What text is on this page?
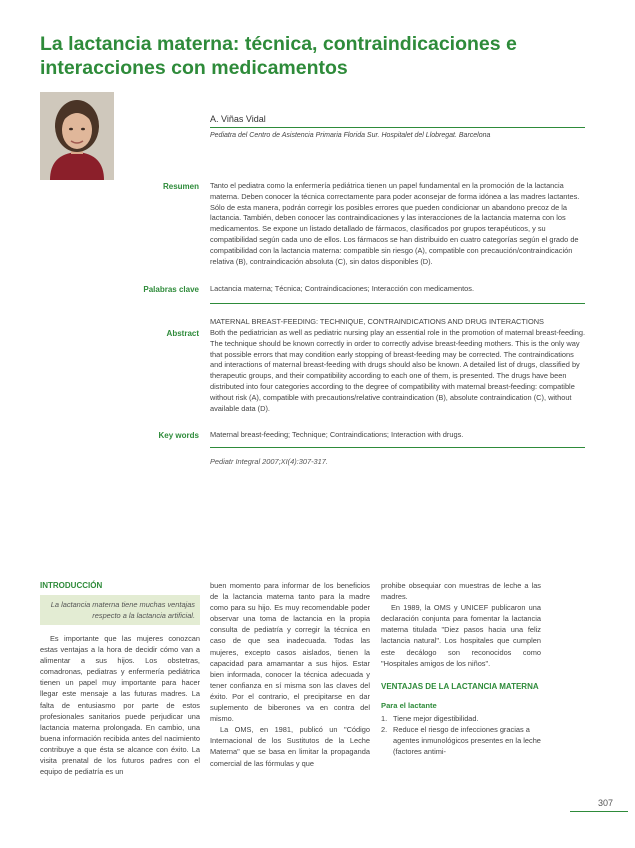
La lactancia materna: técnica, contraindicaciones e interacciones con medicamentos
A. Viñas Vidal
Pediatra del Centro de Asistencia Primaria Florida Sur. Hospitalet del Llobregat. Barcelona
Resumen Tanto el pediatra como la enfermería pediátrica tienen un papel fundamental en la promoción de la lactancia materna. Deben conocer la técnica correctamente para poder aconsejar de forma idónea a las madres lactantes. Sólo de esta manera, podrán corregir los posibles errores que pueden condicionar un abandono precoz de la lactancia. También, deben conocer las contraindicaciones y las interacciones de la lactancia materna con los medicamentos. Se expone un listado detallado de fármacos, clasificados por grupos terapéuticos, y su compatibilidad según cada uno de ellos. Los fármacos se han distribuido en cuatro categorías según el grado de compatibilidad con la lactancia materna: compatible sin riesgo (A), compatible con precaución/contraindicación relativa (B), contraindicación absoluta (C), sin datos disponibles (D).

Palabras clave Lactancia materna; Técnica; Contraindicaciones; Interacción con medicamentos.

MATERNAL BREAST-FEEDING: TECHNIQUE, CONTRAINDICATIONS AND DRUG INTERACTIONS

Abstract Both the pediatrician as well as pediatric nursing play an essential role in the promotion of maternal breast-feeding. The technique should be known correctly in order to correctly advise breast-feeding mothers. This is the only way that possible errors that may condition early stopping of breast-feeding may be corrected. The contraindications and interactions of maternal breast-feeding with drugs should also be known. A detailed list of drugs, classified by therapeutic groups, and their compatibility according to each one of them, is presented. The drugs have been distributed into four categories according to the degree of compatibility with maternal breast-feeding: compatible without risk (A), compatible with precautions/relative contraindication (B), absolute contraindication (C), without available data (D).

Key words Maternal breast-feeding; Technique; Contraindications; Interaction with drugs.

Pediatr Integral 2007;XI(4):307-317.
INTRODUCCIÓN
La lactancia materna tiene muchas ventajas respecto a la lactancia artificial.

Es importante que las mujeres conozcan estas ventajas a la hora de decidir cómo van a alimentar a sus hijos. Los obstetras, comadronas, pediatras y enfermería pediátrica tienen un papel muy importante para hacer llegar este mensaje a las futuras madres. La falta de entusiasmo por parte de estos profesionales sanitarios puede perjudicar una lactancia materna prolongada. En cambio, una buena información recibida antes del nacimiento contribuye a que ésta se alcance con éxito. La visita prenatal de los futuros padres con el equipo de pediatría es un

buen momento para informar de los beneficios de la lactancia materna tanto para la madre como para su hijo. Es muy recomendable poder observar una toma de lactancia en la propia consulta de pediatría y corregir la técnica en caso de que sea inadecuada. Todas las mujeres, excepto casos aislados, tienen la capacidad para amamantar a sus hijos. Estar bien informada, conocer la técnica adecuada y tener confianza en sí misma son las claves del éxito. Por el contrario, el precipitarse en dar suplemento de biberones va en contra del mismo.

La OMS, en 1981, publicó un "Código Internacional de los Sustitutos de la Leche Materna" que se basa en limitar la propaganda comercial de las fórmulas y que

prohibe obsequiar con muestras de leche a las madres.

En 1989, la OMS y UNICEF publicaron una declaración conjunta para fomentar la lactancia materna titulada "Diez pasos hacia una feliz lactancia natural". Los hospitales que cumplen este decálogo son reconocidos como "Hospitales amigos de los niños".

VENTAJAS DE LA LACTANCIA MATERNA
Para el lactante
1. Tiene mejor digestibilidad.
2. Reduce el riesgo de infecciones gracias a agentes inmunológicos presentes en la leche (factores antimi-
307
